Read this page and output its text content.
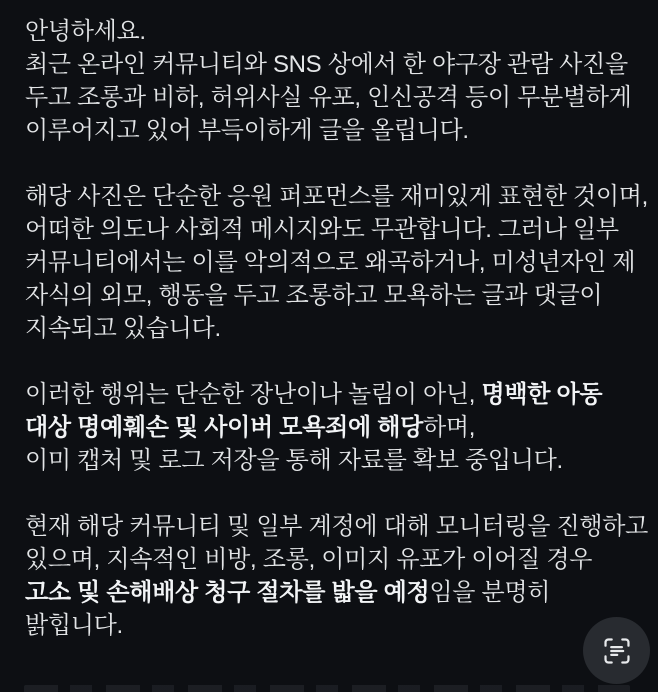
안녕하세요.
최근 온라인 커뮤니티와 SNS 상에서 한 야구장 관람 사진을
두고 조롱과 비하, 허위사실 유포, 인신공격 등이 무분별하게
이루어지고 있어 부득이하게 글을 올립니다.
해당 사진은 단순한 응원 퍼포먼스를 재미있게 표현한 것이며,
어떠한 의도나 사회적 메시지와도 무관합니다. 그러나 일부
커뮤니티에서는 이를 악의적으로 왜곡하거나, 미성년자인 제
자식의 외모, 행동을 두고 조롱하고 모욕하는 글과 댓글이
지속되고 있습니다.
이러한 행위는 단순한 장난이나 놀림이 아닌, 명백한 아동
대상 명예훼손 및 사이버 모욕죄에 해당하며,
이미 캡처 및 로그 저장을 통해 자료를 확보 중입니다.
현재 해당 커뮤니티 및 일부 계정에 대해 모니터링을 진행하고
있으며, 지속적인 비방, 조롱, 이미지 유포가 이어질 경우
고소 및 손해배상 청구 절차를 밟을 예정임을 분명히
밝힙니다.
